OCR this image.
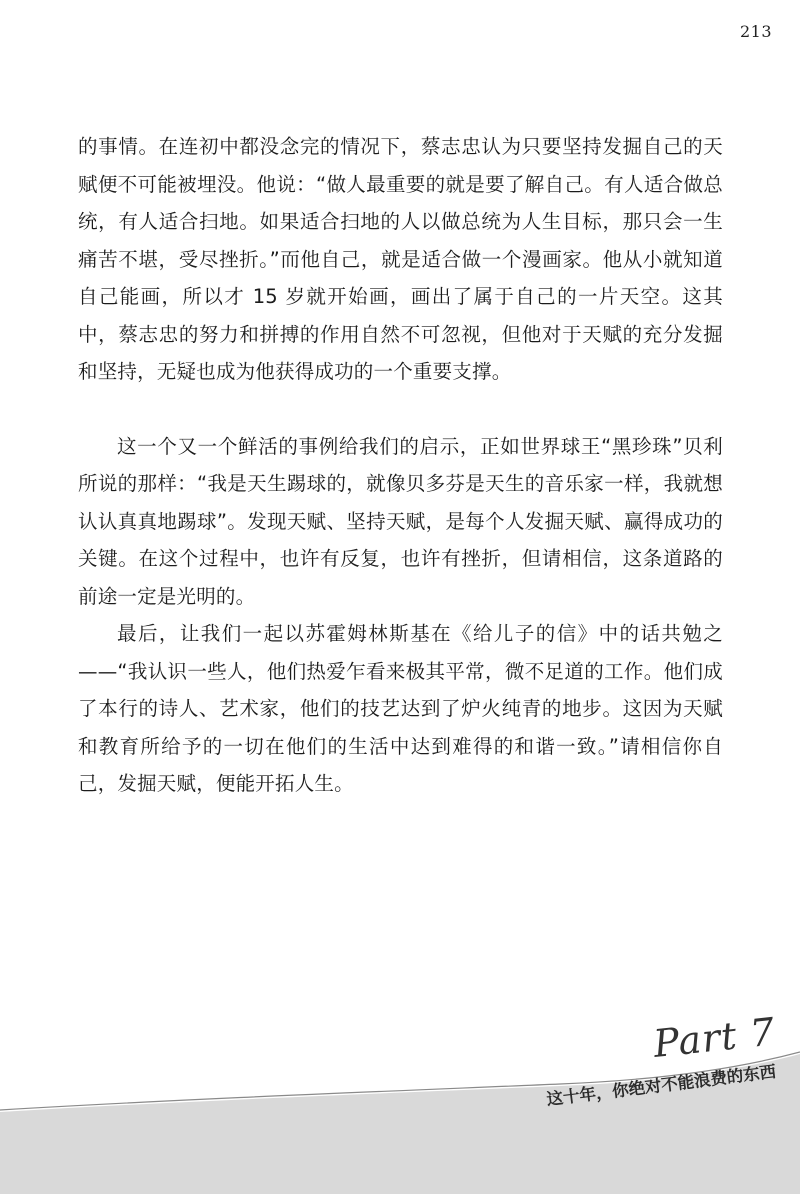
213

的事情。在连初中都没念完的情况下，蔡志忠认为只要坚持发掘自己的天赋便不可能被埋没。他说：“做人最重要的就是要了解自己。有人适合做总统，有人适合扫地。如果适合扫地的人以做总统为人生目标，那只会一生痛苦不堪，受尽挫折。”而他自己，就是适合做一个漫画家。他从小就知道自己能画，所以才 15 岁就开始画，画出了属于自己的一片天空。这其中，蔡志忠的努力和拼搏的作用自然不可忽视，但他对于天赋的充分发掘和坚持，无疑也成为他获得成功的一个重要支撑。

这一个又一个鲜活的事例给我们的启示，正如世界球王“黑珍珠”贝利所说的那样：“我是天生踢球的，就像贝多芬是天生的音乐家一样，我就想认认真真地踢球”。发现天赋、坚持天赋，是每个人发掘天赋、赢得成功的关键。在这个过程中，也许有反复，也许有挫折，但请相信，这条道路的前途一定是光明的。

最后，让我们一起以苏霍姆林斯基在《给儿子的信》中的话共勉之——“我认识一些人，他们热爱乍看来极其平常，微不足道的工作。他们成了本行的诗人、艺术家，他们的技艺达到了炉火纯青的地步。这因为天赋和教育所给予的一切在他们的生活中达到难得的和谐一致。”请相信你自己，发掘天赋，便能开拓人生。

Part 7
这十年，你绝对不能浪费的东西
